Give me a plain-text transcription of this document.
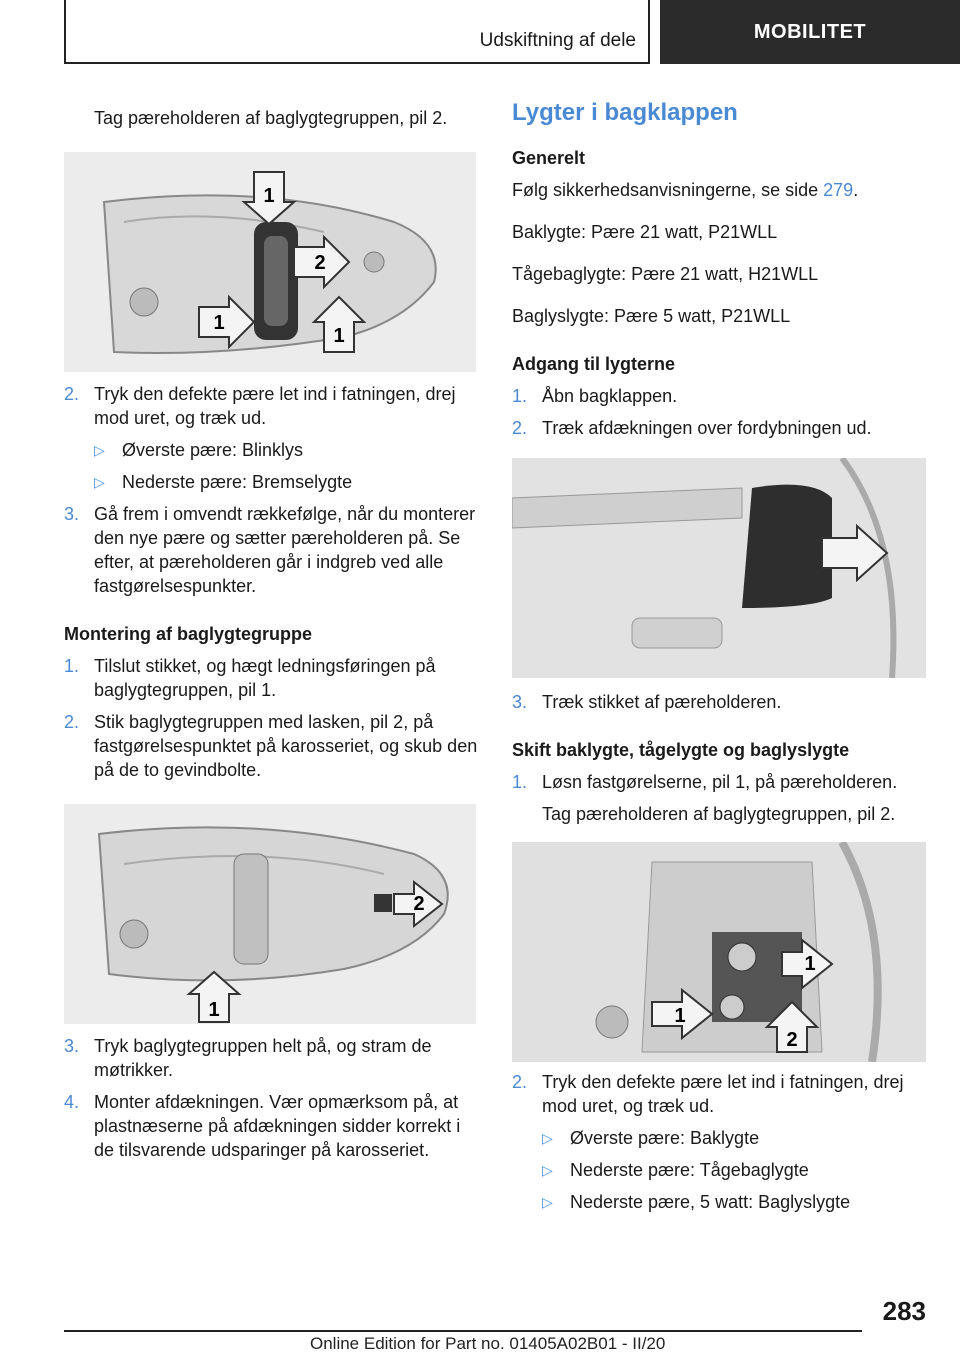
Udskiftning af dele	MOBILITET

Tag pæreholderen af baglygtegruppen, pil 2.

1
2
1
1
2. Tryk den defekte pære let ind i fatningen, drej mod uret, og træk ud.
▷ Øverste pære: Blinklys
▷ Nederste pære: Bremselygte
3. Gå frem i omvendt rækkefølge, når du monterer den nye pære og sætter pæreholderen på. Se efter, at pæreholderen går i indgreb ved alle fastgørelsespunkter.

Montering af baglygtegruppe

1. Tilslut stikket, og hægt ledningsføringen på baglygtegruppen, pil 1.
2. Stik baglygtegruppen med lasken, pil 2, på fastgørelsespunktet på karosseriet, og skub den på de to gevindbolte.
2
1
3. Tryk baglygtegruppen helt på, og stram de møtrikker.
4. Monter afdækningen. Vær opmærksom på, at plastnæserne på afdækningen sidder korrekt i de tilsvarende udsparinger på karosseriet.

Lygter i bagklappen

Generelt

Følg sikkerhedsanvisningerne, se side 279.

Baklygte: Pære 21 watt, P21WLL

Tågebaglygte: Pære 21 watt, H21WLL

Baglyslygte: Pære 5 watt, P21WLL

Adgang til lygterne

1. Åbn bagklappen.
2. Træk afdækningen over fordybningen ud.
3. Træk stikket af pæreholderen.

Skift baklygte, tågelygte og baglyslygte

1. Løsn fastgørelserne, pil 1, på pæreholderen.

Tag pæreholderen af baglygtegruppen, pil 2.

1
1
2
2. Tryk den defekte pære let ind i fatningen, drej mod uret, og træk ud.
▷ Øverste pære: Baklygte
▷ Nederste pære: Tågebaglygte
▷ Nederste pære, 5 watt: Baglyslygte
283
Online Edition for Part no. 01405A02B01 - II/20
